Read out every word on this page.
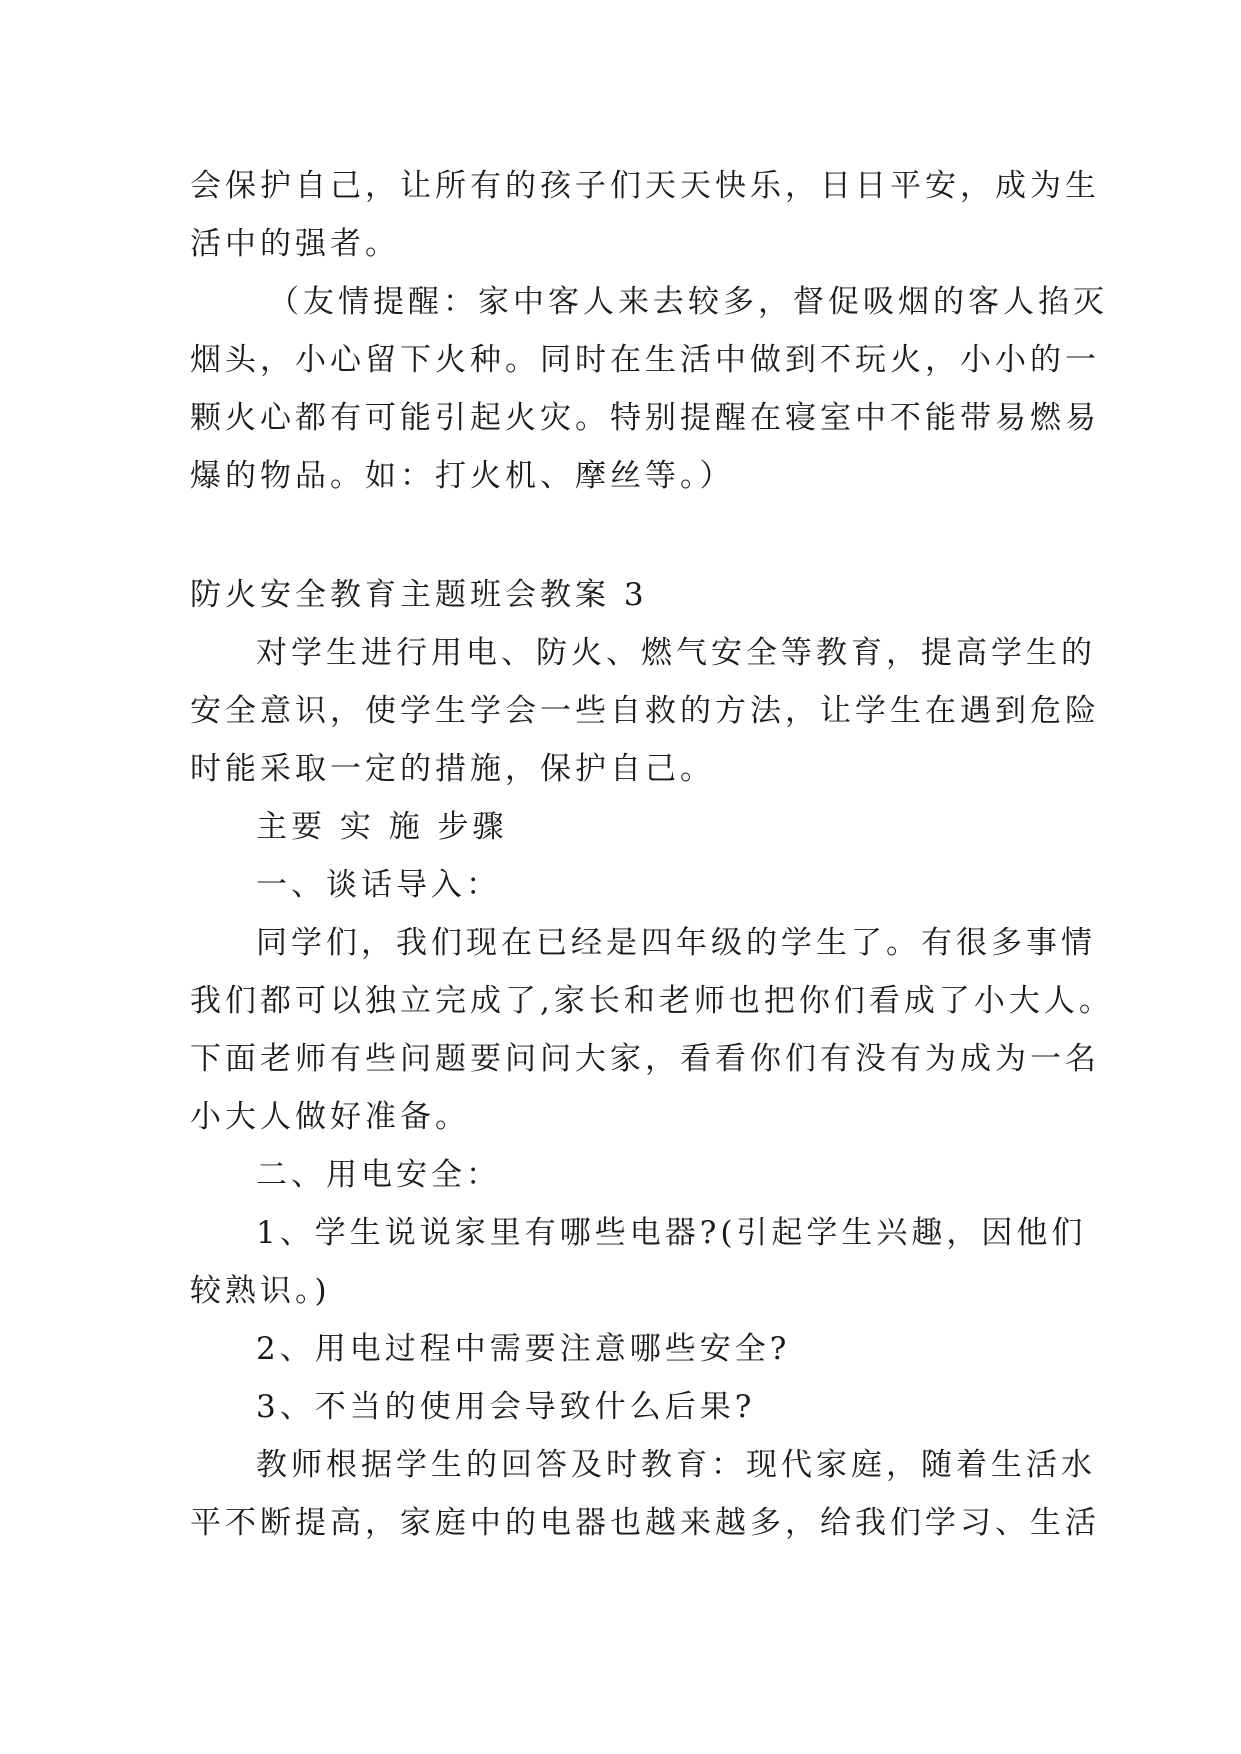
会保护自己，让所有的孩子们天天快乐，日日平安，成为生
活中的强者。
（友情提醒：家中客人来去较多，督促吸烟的客人掐灭
烟头，小心留下火种。同时在生活中做到不玩火，小小的一
颗火心都有可能引起火灾。特别提醒在寝室中不能带易燃易
爆的物品。如：打火机、摩丝等。）
防火安全教育主题班会教案 3
对学生进行用电、防火、燃气安全等教育，提高学生的
安全意识，使学生学会一些自救的方法，让学生在遇到危险
时能采取一定的措施，保护自己。
主要 实 施 步骤
一、谈话导入：
同学们，我们现在已经是四年级的学生了。有很多事情
我们都可以独立完成了,家长和老师也把你们看成了小大人。
下面老师有些问题要问问大家，看看你们有没有为成为一名
小大人做好准备。
二、用电安全：
1、学生说说家里有哪些电器?(引起学生兴趣，因他们
较熟识。)
2、用电过程中需要注意哪些安全?
3、不当的使用会导致什么后果?
教师根据学生的回答及时教育：现代家庭，随着生活水
平不断提高，家庭中的电器也越来越多，给我们学习、生活
